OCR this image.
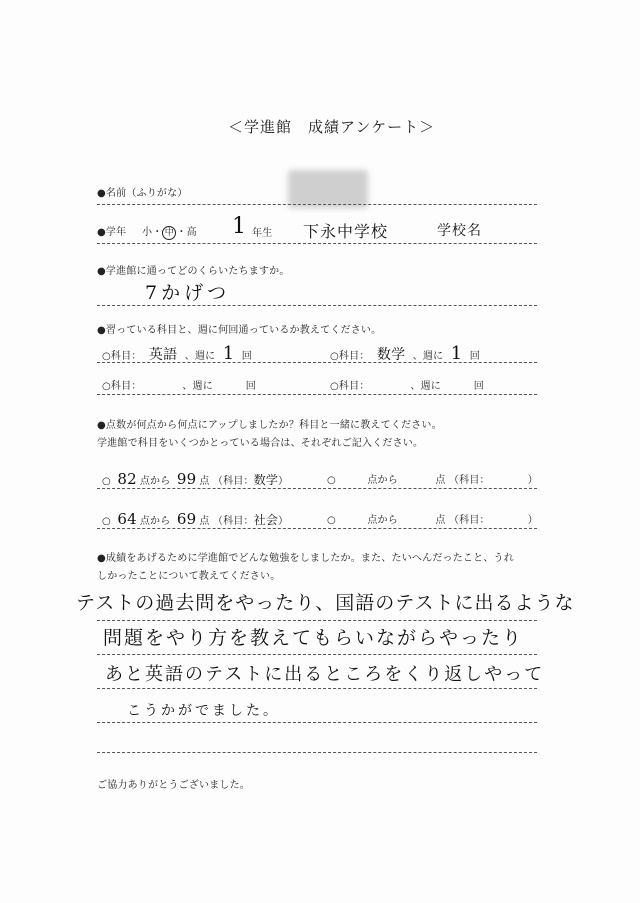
＜学進館　成績アンケート＞
●名前（ふりがな）
●学年 小・ 中 ・高 1 年生 下永中学校	学校名
●学進館に通ってどのくらいたちますか。
7かげつ
●習っている科目と、週に何回通っているか教えてください。
○科目： 英語 、週に 1 回	○科目： 数学 、週に 1 回
○科目：	、週に	回	○科目：	、週に	回
●点数が何点から何点にアップしましたか？科目と一緒に教えてください。
学進館で科目をいくつかとっている場合は、それぞれご記入ください。
○ 82 点から 99 点 （科目：数学）	○	点から	点 （科目：	）
○ 64 点から 69 点 （科目：社会）	○	点から	点 （科目：	）
●成績をあげるために学進館でどんな勉強をしましたか。また、たいへんだったこと、うれ
しかったことについて教えてください。
テストの過去問をやったり、国語のテストに出るような
問題をやり方を教えてもらいながらやったり
あと英語のテストに出るところをくり返しやって
こうかがでました。
ご協力ありがとうございました。
